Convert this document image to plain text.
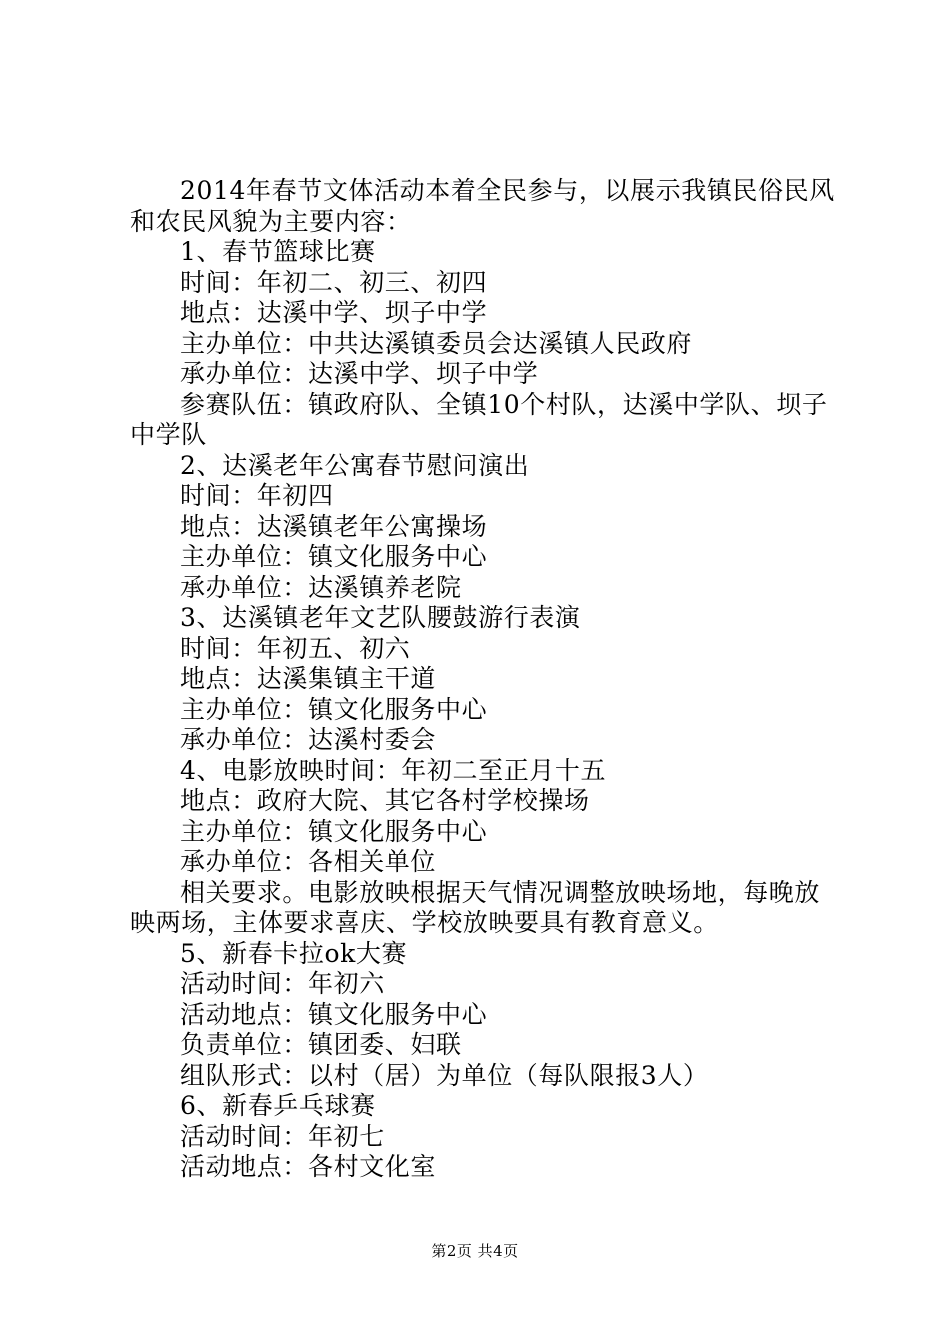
2014年春节文体活动本着全民参与，以展示我镇民俗民风
和农民风貌为主要内容：
1、春节篮球比赛
时间：年初二、初三、初四
地点：达溪中学、坝子中学
主办单位：中共达溪镇委员会达溪镇人民政府
承办单位：达溪中学、坝子中学
参赛队伍：镇政府队、全镇10个村队，达溪中学队、坝子
中学队
2、达溪老年公寓春节慰问演出
时间：年初四
地点：达溪镇老年公寓操场
主办单位：镇文化服务中心
承办单位：达溪镇养老院
3、达溪镇老年文艺队腰鼓游行表演
时间：年初五、初六
地点：达溪集镇主干道
主办单位：镇文化服务中心
承办单位：达溪村委会
4、电影放映时间：年初二至正月十五
地点：政府大院、其它各村学校操场
主办单位：镇文化服务中心
承办单位：各相关单位
相关要求。电影放映根据天气情况调整放映场地，每晚放
映两场，主体要求喜庆、学校放映要具有教育意义。
5、新春卡拉ok大赛
活动时间：年初六
活动地点：镇文化服务中心
负责单位：镇团委、妇联
组队形式：以村（居）为单位（每队限报3人）
6、新春乒乓球赛
活动时间：年初七
活动地点：各村文化室
第2页 共4页
